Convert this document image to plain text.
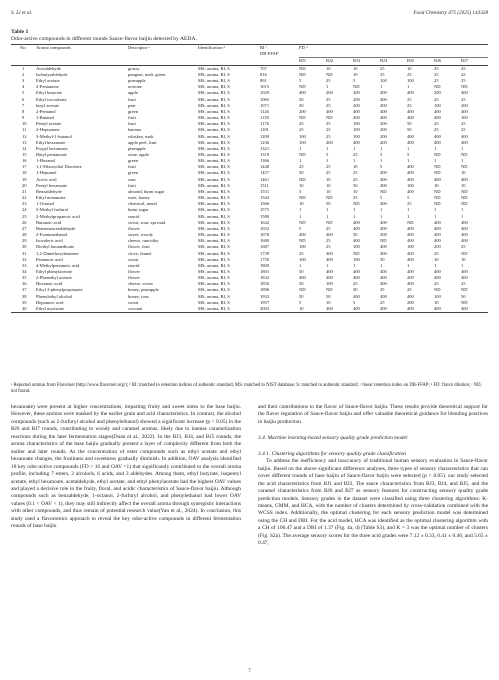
S. Li et al.	Food Chemistry 475 (2025) 143328
Table 1
Odor-active compounds in different rounds Sauce-flavor baijiu detected by AEDA.
No.	Aroma compounds	Descriptor ᵃ	Identification ᵇ	RI ᶜ
DB-FFAP	FD ᵈ						
					BJ1	BJ2	BJ3	BJ4	BJ5	BJ6	BJ7
1	Acetaldehyde	grassy	MS, aroma, RI, S	707	ND	10	10	25	10	25	25
2	Isobutyraldehyde	pungent, malt, green	MS, aroma, RI, S	816	ND	ND	10	25	25	25	25
3	Ethyl acetate	pineapple	MS, aroma, RI, S	891	5	25	5	100	100	25	25
4	2-Pentanone	acetone	MS, aroma, RI, S	1015	ND	1	ND	1	1	ND	ND
5	Ethyl butyrate	apple	MS, aroma, RI, S	1029	400	200	200	400	400	200	400
6	Ethyl isovalerate	fruit	MS, aroma, RI, S	1065	50	25	200	400	25	25	25
7	butyl acetate	pear	MS, aroma, RI, S	1071	50	25	200	400	25	100	200
8	2-Pentanol	green	MS, aroma, RI, S	1126	200	400	400	400	400	400	400
9	1-Butanol	fruit	MS, aroma, RI, S	1150	ND	ND	200	400	400	400	100
10	Pentyl acetate	fruit	MS, aroma, RI, S	1176	25	25	100	200	50	25	25
11	2-Heptanone	banana	MS, aroma, RI, S	1181	25	25	100	200	50	25	25
12	3-Methyl-1-butanol	whiskey, malt	MS, aroma, RI, S	1209	100	25	100	200	400	400	400
13	Ethyl hexanoate	apple peel, fruit	MS, aroma, RI, S	1236	100	400	400	400	400	400	400
14	Propyl hexanoate	pineapple	MS, aroma, RI, S	1321	1	1	1	1	1	1	1
15	Butyl pentanoate	wine, apple	MS, aroma, RI, S	1319	ND	5	25	5	5	ND	ND
16	1-Hexanol	green	MS, aroma, RI, S	1366	1	1	1	1	1	1	1
17	1,1-Ethoxydiol Diacetate	fruit	MS, aroma, RI, S	1448	25	25	10	5	400	ND	ND
18	1-Heptanol	green	MS, aroma, RI, S	1457	50	25	25	400	400	ND	10
19	Acetic acid	sour	MS, aroma, RI, S	1461	ND	10	25	400	400	400	400
20	Pentyl hexanoate	fruit	MS, aroma, RI, S	1511	10	10	50	400	100	10	10
21	Benzaldehyde	almond, burnt sugar	MS, aroma, RI, S	1531	5	10	10	ND	400	ND	ND
22	Ethyl nonanoate	ester, honey	MS, aroma, RI, S	1544	ND	ND	25	5	5	ND	ND
23	1-Octanol	chemical, metal	MS, aroma, RI, S	1566	10	50	ND	400	25	ND	ND
24	5-Methyl furfural	burnt sugar	MS, aroma, RI, S	1575	1	1	1	1	1	1	1
25	2-Methylpropanoic acid	rancid	MS, aroma, RI, S	1580	1	1	1	1	1	1	1
26	Butanoic acid	sweat, sour, apt mud	MS, aroma, RI, S	1642	ND	ND	400	400	ND	400	400
27	Benzeneacetaldehyde	flower	MS, aroma, RI, S	1652	5	25	400	400	400	400	400
28	2-Furanmethanol	sweet, woody	MS, aroma, RI, S	1678	400	400	50	200	400	400	400
29	Isovaleric acid	cheese, rancidity	MS, aroma, RI, S	1680	ND	25	400	ND	400	400	400
30	Diethyl butanedioate	flower, fruit	MS, aroma, RI, S	1687	100	25	100	400	100	200	25
31	1,2-Dimethoxybenzene	clove, fennel	MS, aroma, RI, S	1739	25	400	ND	400	400	25	ND
32	Pentanoic acid	sweat	MS, aroma, RI, S	1750	100	400	100	50	400	10	10
33	4-Methylpentanoic acid	rancid	MS, aroma, RI, S	1800	1	1	1	1	1	1	1
34	Ethyl phenylacetate	flower	MS, aroma, RI, S	1801	50	400	400	400	400	400	400
35	2-Phenethyl acetate	flower	MS, aroma, RI, S	1832	400	400	400	400	200	400	400
36	Hexanoic acid	cheese, sweat	MS, aroma, RI, S	1856	50	100	25	400	400	25	25
37	Ethyl 3-phenylpropionate	honey, pineapple	MS, aroma, RI, S	1896	ND	ND	50	25	25	ND	ND
38	Phenylethyl alcohol	honey, rose	MS, aroma, RI, S	1933	50	50	400	400	400	100	50
39	Heptanoic acid	sweat	MS, aroma, RI, S	1957	5	10	5	25	200	10	ND
40	Ethyl myristate	coconut	MS, aroma, RI, S	2003	10	400	400	400	400	400	400
ᵃ Reported aromas from Flavornet (http://www.flavornet.org/); ᵇ RI: matched to retention indices of authentic standard; MS: matched to NIST database; S: matched to authentic standard; ᶜ linear retention index on DB-FFAP; ᵈ FD: flavor dilution; ᵉ ND, not found.

hexanoate) were present at higher concentrations, imparting fruity and sweet notes to the base baijiu. However, these aromas were masked by the earlier grain and acid characteristics. In contrast, the alcohol compounds (such as 2-furfuryl alcohol and phenylethanol) showed a significant increase (p < 0.05) in the BJ6 and BJ7 rounds, contributing to woody and caramel aromas, likely due to intense caramelization reactions during the later fermentation stages(Duan et al., 2022). In the BJ3, BJ4, and BJ5 rounds, the aroma characteristics of the base baijiu gradually present a layer of complexity different from both the earlier and later rounds. As the concentration of ester compounds such as ethyl acetate and ethyl hexanoate changes, the fruitiness and sweetness gradually diminish. In addition, OAV analysis identified 18 key odor-active compounds (FD > 10 and OAV >1) that significantly contributed to the overall aroma profile, including 7 esters, 2 alcohols, 6 acids, and 3 aldehydes. Among them, ethyl butyrate, isopentyl acetate, ethyl hexanoate, acetaldehyde, ethyl acetate, and ethyl phenylacetate had the highest OAV values and played a decisive role in the fruity, floral, and acidic characteristics of Sauce-flavor baijiu. Although compounds such as benzaldehyde, 1-octanol, 2-furfuryl alcohol, and phenylethanol had lower OAV values (0.1 < OAV < 1), they may still indirectly affect the overall aroma through synergistic interactions with other compounds, and thus remain of potential research value(Yan et al., 2024). In conclusion, this study used a flavoromics approach to reveal the key odor-active compounds in different fermentation rounds of base baijiu

and their contributions to the flavor of Sauce-flavor baijiu. These results provide theoretical support for the flavor regulation of Sauce-flavor baijiu and offer valuable theoretical guidance for blending practices in baijiu production.

3.4. Machine learning-based sensory quality grade prediction model

3.4.1. Clustering algorithms for sensory quality grade classification

To address the inefficiency and inaccuracy of traditional human sensory evaluation in Sauce-flavor baijiu. Based on the above significant difference analyses, three types of sensory characteristics that can cover different rounds of base baijiu of Sauce-flavor baijiu were selected (p < 0.05). our study selected the acid characteristics from BJ1 and BJ2, The sauce characteristics from BJ3, BJ4, and BJ5, and the caramel characteristics from BJ6 and BJ7 as sensory features for constructing sensory quality grade prediction models. Sensory grades in the dataset were classified using three clustering algorithms: K-means, GMM, and HCA, with the number of clusters determined by cross-validation combined with the WCSS index. Additionally, the optimal clustering for each sensory prediction model was determined using the CH and DBI. For the acid model, HCA was identified as the optimal clustering algorithm with a CH of 106.47 and a DBI of 1.37 (Fig. 4a, d) (Table S3), and K = 3 was the optimal number of clusters (Fig. S2a). The average sensory scores for the three acid grades were 7.12 ± 0.33, 6.41 ± 0.46, and 5.65 ± 0.47,

7
